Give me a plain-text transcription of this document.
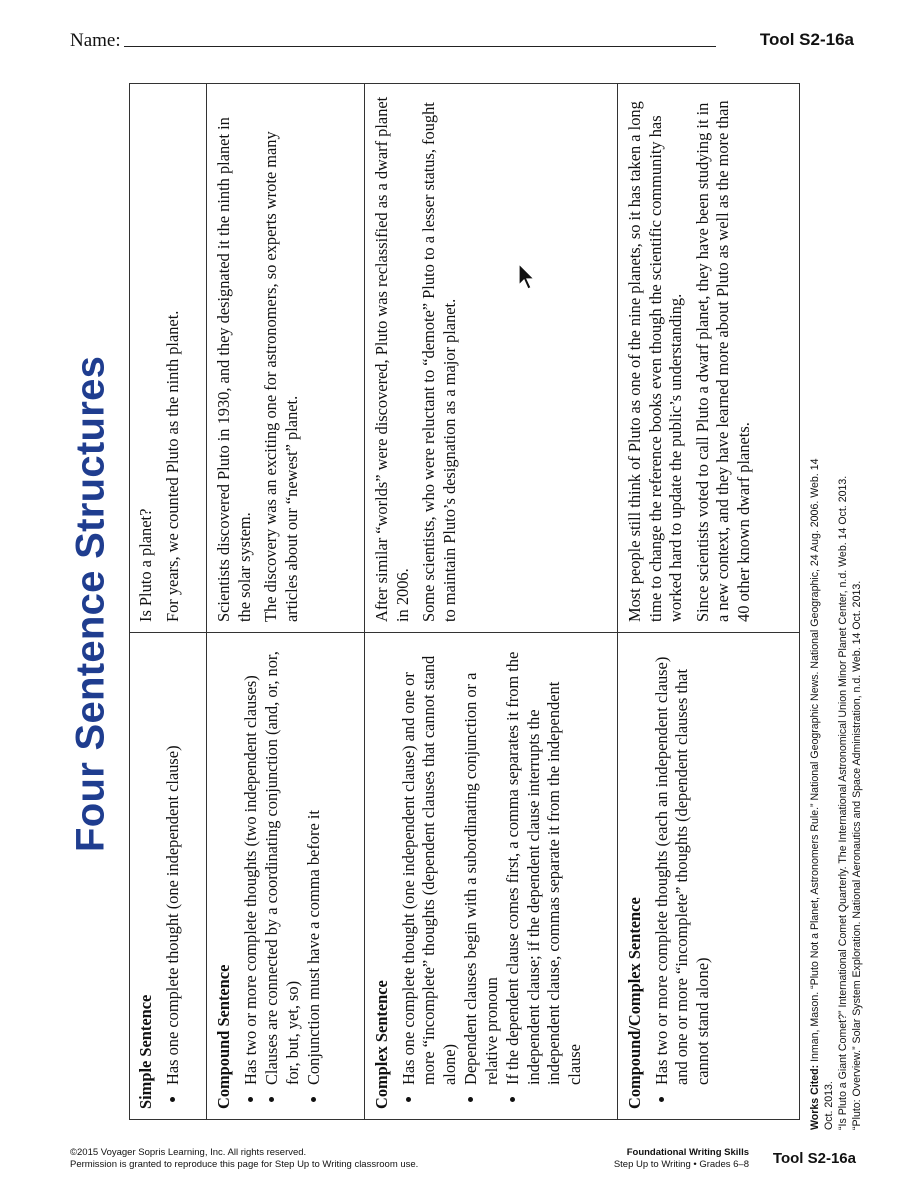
Name:	Tool S2-16a
Four Sentence Structures

Simple Sentence • Has one complete thought (one independent clause)

Is Pluto a planet? For years, we counted Pluto as the ninth planet.

Compound Sentence • Has two or more complete thoughts (two independent clauses) • Clauses are connected by a coordinating conjunction (and, or, nor, for, but, yet, so) • Conjunction must have a comma before it

Scientists discovered Pluto in 1930, and they designated it the ninth planet in the solar system. The discovery was an exciting one for astronomers, so experts wrote many articles about our “newest” planet.

Complex Sentence • Has one complete thought (one independent clause) and one or more “incomplete” thoughts (dependent clauses that cannot stand alone) • Dependent clauses begin with a subordinating conjunction or a relative pronoun • If the dependent clause comes first, a comma separates it from the independent clause; if the dependent clause interrupts the independent clause, commas separate it from the independent clause

After similar “worlds” were discovered, Pluto was reclassified as a dwarf planet in 2006. Some scientists, who were reluctant to “demote” Pluto to a lesser status, fought to maintain Pluto’s designation as a major planet.

Compound/Complex Sentence • Has two or more complete thoughts (each an independent clause) and one or more “incomplete” thoughts (dependent clauses that cannot stand alone)

Most people still think of Pluto as one of the nine planets, so it has taken a long time to change the reference books even though the scientific community has worked hard to update the public’s understanding. Since scientists voted to call Pluto a dwarf planet, they have been studying it in a new context, and they have learned more about Pluto as well as the more than 40 other known dwarf planets.

Works Cited: Inman, Mason. “Pluto Not a Planet, Astronomers Rule.” National Geographic News. National Geographic, 24 Aug. 2006. Web. 14 Oct. 2013. “Is Pluto a Giant Comet?” International Comet Quarterly. The International Astronomical Union Minor Planet Center, n.d. Web. 14 Oct. 2013. “Pluto: Overview.” Solar System Exploration. National Aeronautics and Space Administration, n.d. Web. 14 Oct. 2013.

©2015 Voyager Sopris Learning, Inc. All rights reserved.
Permission is granted to reproduce this page for Step Up to Writing classroom use.
Foundational Writing Skills
Step Up to Writing • Grades 6–8 Tool S2-16a
